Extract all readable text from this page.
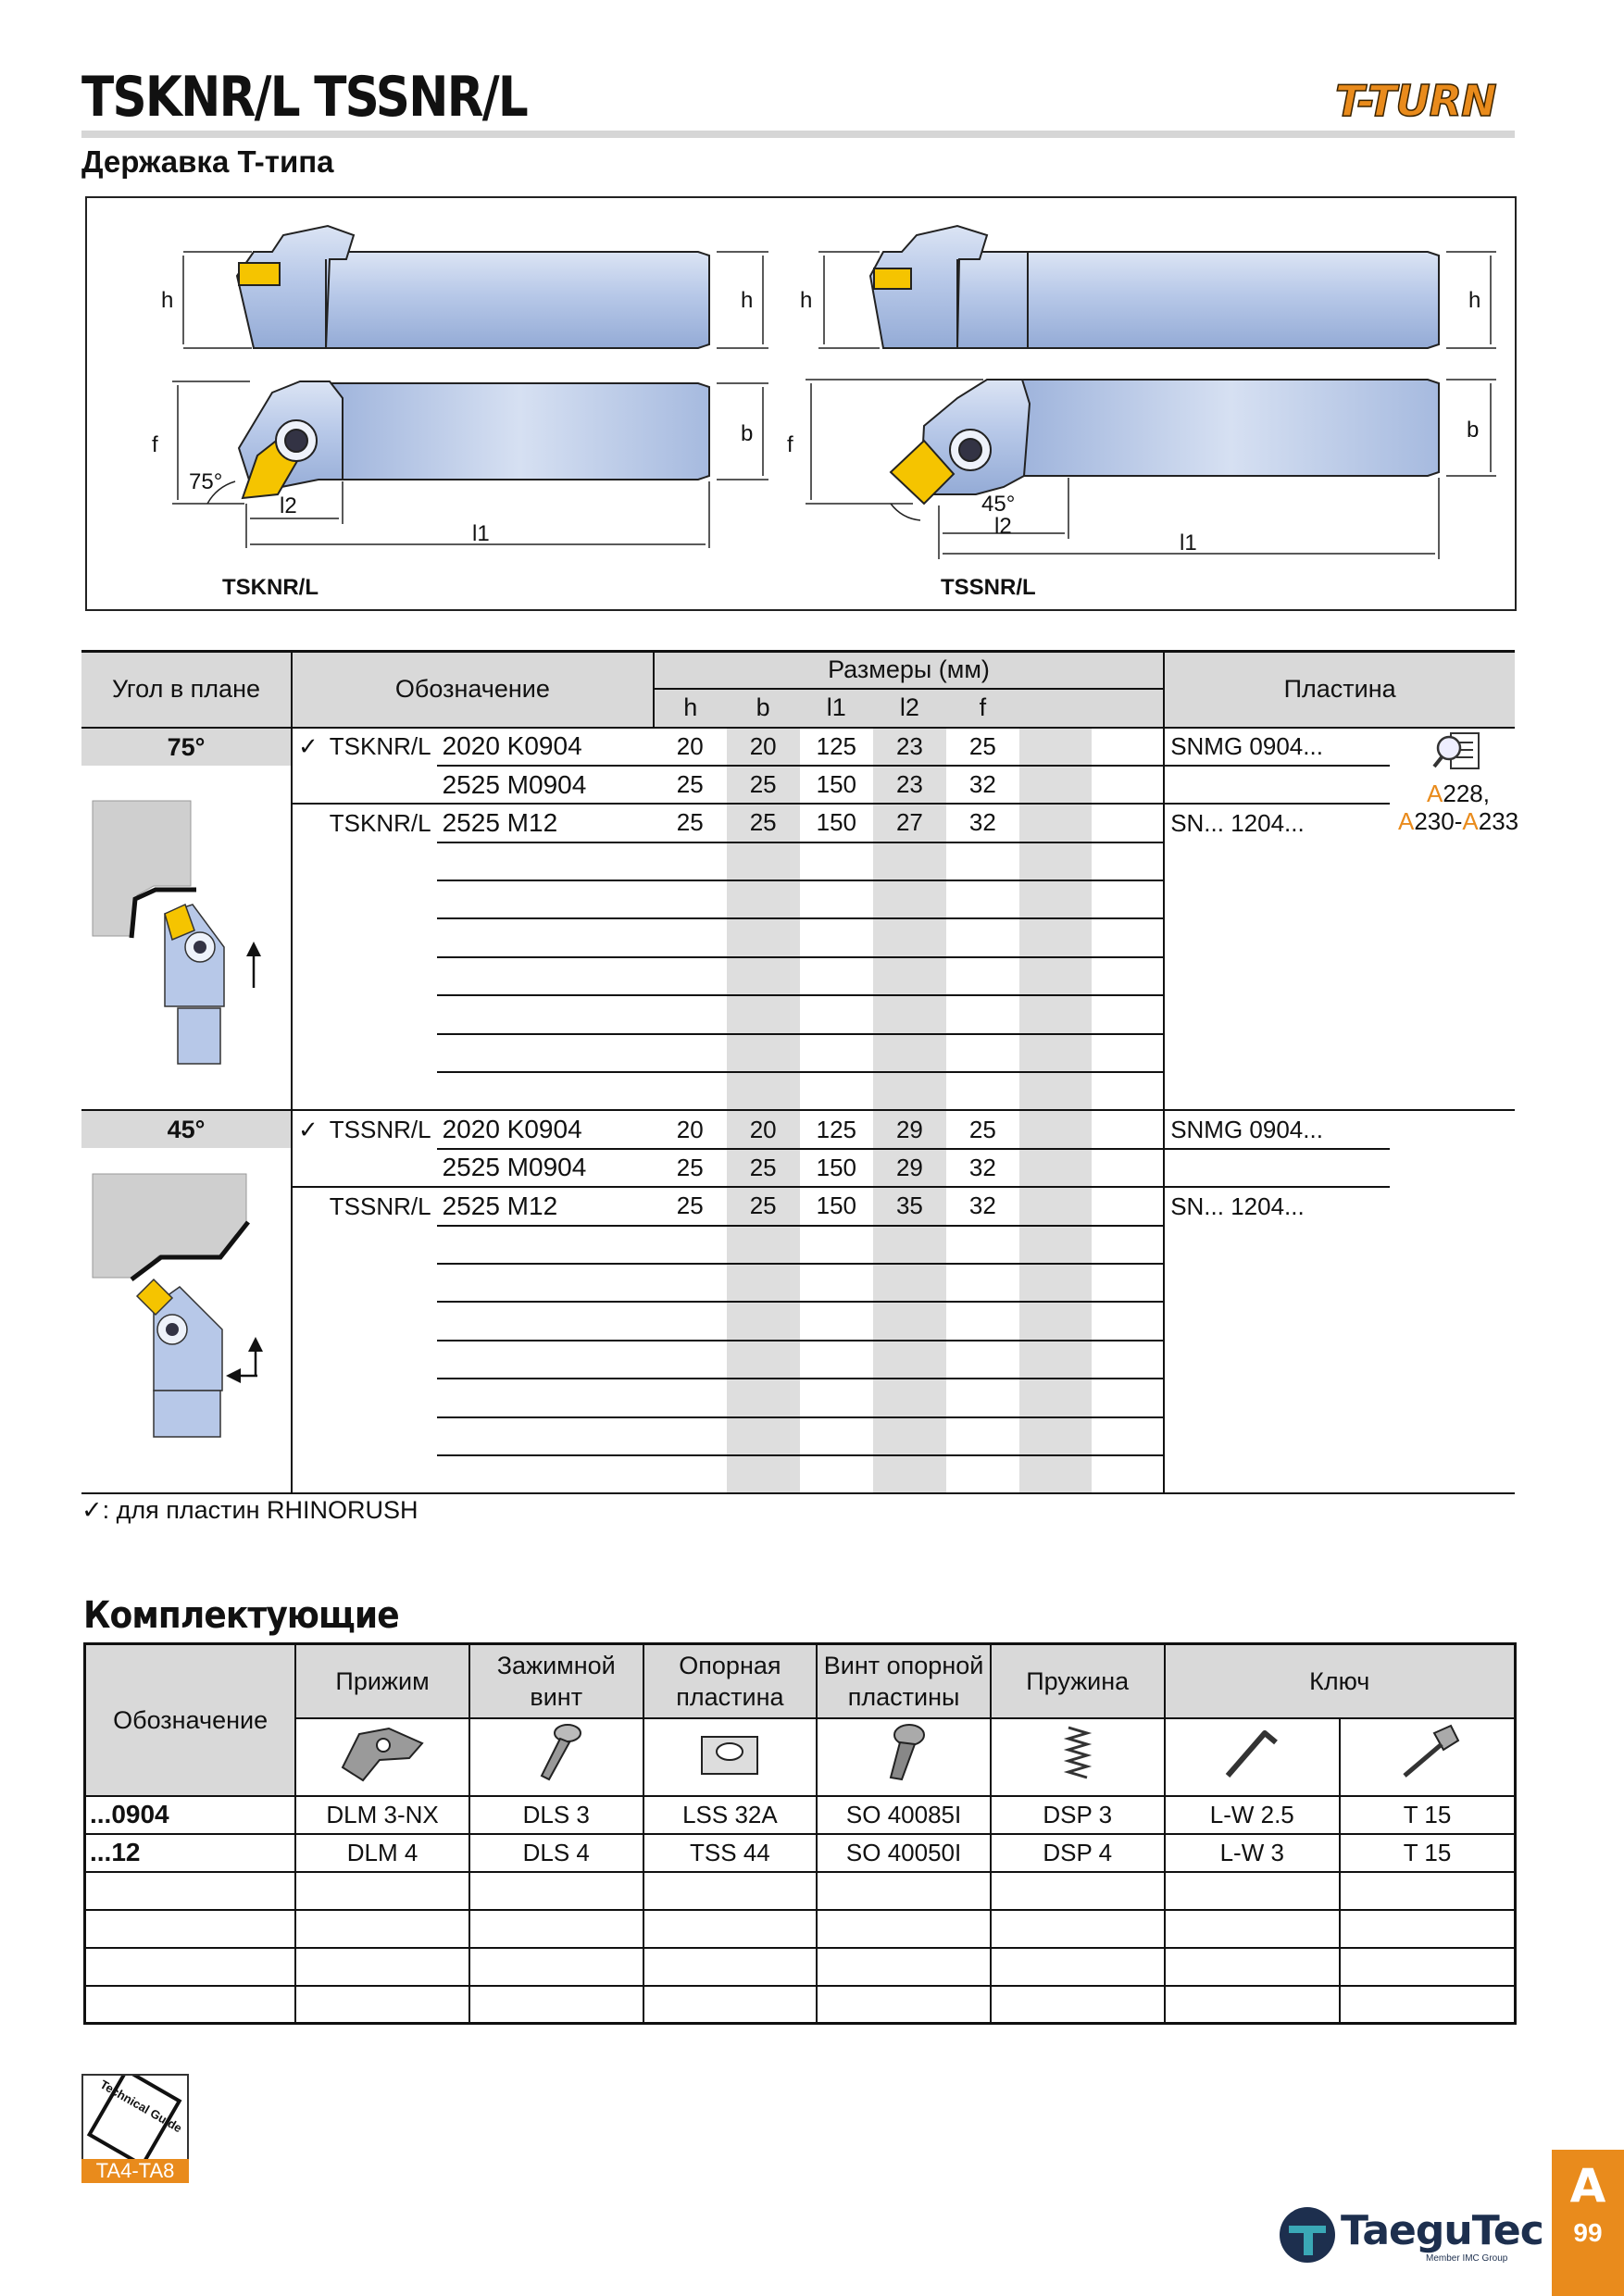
TSKNR/L TSSNR/L	T-TURN
Державка T-типа
h	h
f	b
75°
l2
l1
TSKNR/L
h	h
f
b
45°
l2
l1
TSSNR/L
Угол в плане	Обозначение			Размеры (мм)							Пластина	
				h	b	l1	l2	f				

75°	✓	TSKNR/L	2020 K0904	20	20	125	23	25			SNMG 0904...	
			2525 M0904	25	25	150	23	32				
		TSKNR/L	2525 M12	25	25	150	27	32			SN... 1204...	

45°	✓	TSSNR/L	2020 K0904	20	20	125	29	25			SNMG 0904...	
			2525 M0904	25	25	150	29	32				
		TSSNR/L	2525 M12	25	25	150	35	32			SN... 1204...	

A228,
A230-A233
✓: для пластин RHINORUSH
Комплектующие
Обозначение	Прижим	Зажимной винт	Опорная пластина	Винт опорной пластины	Пружина	Ключ	

...0904	DLM 3-NX	DLS 3	LSS 32A	SO 40085I	DSP 3	L-W 2.5	T 15
...12	DLM 4	DLS 4	TSS 44	SO 40050I	DSP 4	L-W 3	T 15

Technical Guide
TA4-TA8
TaeguTec
Member IMC Group
A
99
